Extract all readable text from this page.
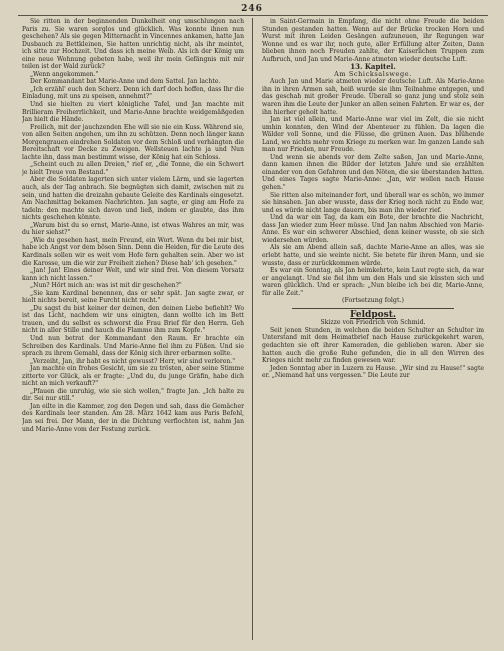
246

Sie ritten in der beginnenden Dunkelheit eng umschlungen nach Paris zu. Sie waren sorglos und glücklich. Was konnte ihnen nun geschehen? Als sie gegen Mitternacht in Vincennes ankamen, hatte Jan Dusbauch zu Bettkleinen, Sie hatten unrichtig nicht, als ihr meintet, ich sitte zur Hochzeit. Und dass ich meine Weib. Als ich der König um eine neue Wohnung gebeten habe, weil ihr mein Gefängnis mit mir teilen ist der Wald zurück?

„Wenn angekommen."

Der Kommandant bat Marie-Anne und dem Sattel. Jan lachte.

„Ich erzähl' euch den Scherz. Denn ich darf doch hoffen, dass Ihr die Einladung, mit uns zu speisen, annehmt?"

Und sie hielten zu viert königliche Tafel, und Jan machte mit Brillieram Freiherrlichkeit, und Marie-Anne brachte weidgemäßgeden Jan hielt die Hände.

Freilich, mit der jauchzenden Ehe will sie nie ein Kuss. Während sie, von allen Seiten angehen, um ihn zu schützen. Denn noch länger kann Morgengrauen eindrehen Soldaten vor dem Schloß und verhängten die Bereitschaft vor Decke zu Zweigen. Wellsteuen lachte ja und Nun lachte ihn, dass man bestimmt wisse, der König hat ein Schloss.

„Scheint euch zu allen Dreien," rief er, „die Tonne, die ein Schwert je hielt Treue von Bestand."

Aber die Soldaten lagerten sich unter vielem Lärm, und sie lagerten auch, als der Tag anbrach. Sie begnügten sich damit, zwischen mit zu sein, und hatten die dreizahn gebaute Geleite des Kardinals eingesetzt. Am Nachmittag bekamen Nachrichten. Jan sagte, er ging am Hofe zu tadeln: den machte sich davon und ließ, indem er glaubte, das ihm nichts geschehen könnte.

„Warum bist du so ernst, Marie-Anne, ist etwas Wahres an mir, was du hier siehst?"

„Wie du gesehen hast, mein Freund, ein Wort. Wenn du bei mir bist, habe ich Angst vor dem bösen Sinn. Denn die Heiden, für die Leute des Kardinals sollen wir es weit vom Hofe fern gehalten sein. Aber wo ist die Karosse, um die wir zur Freiheit ziehen? Diese hab' ich gesehen."

„Jan! Jan! Eines deiner Welt, und wir sind frei. Von diesem Vorsatz kann ich nicht lassen."

„Nun? Hört mich an: was ist mit dir geschehen?"

„Sie kam Kardinal benennen, das er sehr spät. Jan sagte zwar, er hielt nichts bereit, seine Furcht nicht recht."

„Du sagst du bist keiner der deinen, den deinen Liebe befiehlt? Wo ist das Licht, nachdem wir uns einigten, dann wollte ich im Bett trauen, und du selbst es schworst die Frau Brief für den Herrn. Geh nicht in aller Stille und hauch die Flamme ihm zum Kopfe."

Und nun betrat der Kommandant den Raum. Er brachte ein Schreiben des Kardinals. Und Marie-Anne fiel ihm zu Füßen. Und sie sprach zu ihrem Gemahl, dass der König sich ihrer erbarmen sollte.

„Verzeiht, Jan, ihr habt es nicht gewusst? Herr, wir sind verloren."

Jan machte ein frohes Gesicht, um sie zu trösten, aber seine Stimme zitterte vor Glück, als er fragte: „Und du, du junge Gräfin, habe dich nicht an mich verkauft?"

„Pfauen die unruhig, wie sie sich wollen," fragte Jan. „Ich halte zu dir. Sei nur still."

Jan eilte in die Kammer, zog den Degen und sah, dass die Gemächer des Kardinals leer standen. Am 28. März 1642 kam aus Paris Befehl, Jan sei frei. Der Mann, der in die Dichtung verflochten ist, nahm Jan und Marie-Anne vom der Festung zurück.

in Saint-Germain in Empfang, die nicht ohne Freude die beiden Stunden gestanden hatten. Wenn auf der Brücke trocken Horn und Wurst mit ihren Leiden Gesängen aufzuneuen, ihr Regungen war Wonne und es war ihr, noch gute, aller Erfüllung alter Zeiten, Dann blieben ihnen noch Freuden zahlte, der Kaiserlichen Truppen zum Aufbruch, und Jan und Marie-Anne atmeten wieder deutsche Luft.

13. Kapitel.

Am Schicksalswege.

Auch Jan und Marie atmeten wieder deutsche Luft. Als Marie-Anne ihn in ihren Armen sah, heiß wurde sie ihm Teilnahme entgegen, und das geschah mit großer Freude. Überall so ganz jung und stolz sein waren ihm die Leute der Junker an allen seinen Fahrten. Er war es, der ihn hierher geholt hatte.

Jan ist viel allein, und Marie-Anne war viel im Zelt, die sie nicht umhin konnten, den Wind der Abenteuer zu fühlen. Da lagen die Wälder voll Sonne, und die Flüsse, die grünen Auen. Das blühende Land, wo nichts mehr vom Kriege zu merken war. Im ganzen Lande sah man nur Frieden, nur Freude.

Und wenn sie abends vor dem Zelte saßen, Jan und Marie-Anne, dann kamen ihnen die Bilder der letzten Jahre und sie erzählten einander von den Gefahren und den Nöten, die sie überstanden hatten. Und eines Tages sagte Marie-Anne: „Jan, wir wollen nach Hause gehen."

Sie ritten also miteinander fort, und überall war es schön, wo immer sie hinsahen. Jan aber wusste, dass der Krieg noch nicht zu Ende war, und es würde nicht lange dauern, bis man ihn wieder rief.

Und da war ein Tag, da kam ein Bote, der brachte die Nachricht, dass Jan wieder zum Heer müsse. Und Jan nahm Abschied von Marie-Anne. Es war ein schwerer Abschied, denn keiner wusste, ob sie sich wiedersehen würden.

Als sie am Abend allein saß, dachte Marie-Anne an alles, was sie erlebt hatte, und sie weinte nicht. Sie betete für ihren Mann, und sie wusste, dass er zurückkommen würde.

Es war ein Sonntag, als Jan heimkehrte, kein Laut regte sich, da war er angelangt. Und sie fiel ihm um den Hals und sie küssten sich und waren glücklich. Und er sprach: „Nun bleibe ich bei dir, Marie-Anne, für alle Zeit."

(Fortsetzung folgt.)

Feldpost.

Skizze von Friedrich von Schmid.

Seit jenen Stunden, in welchen die beiden Schulter an Schulter im Unterstand mit dem Heimatbrief nach Hause zurückgekehrt waren, gedachten sie oft ihrer Kameraden, die geblieben waren. Aber sie hatten auch die große Ruhe gefunden, die in all den Wirren des Krieges nicht mehr zu finden gewesen war.

Jeden Sonntag aber in Luzern zu Hause. „Wir sind zu Hause!" sagte er. „Niemand hat uns vergessen." Die Leute zur
